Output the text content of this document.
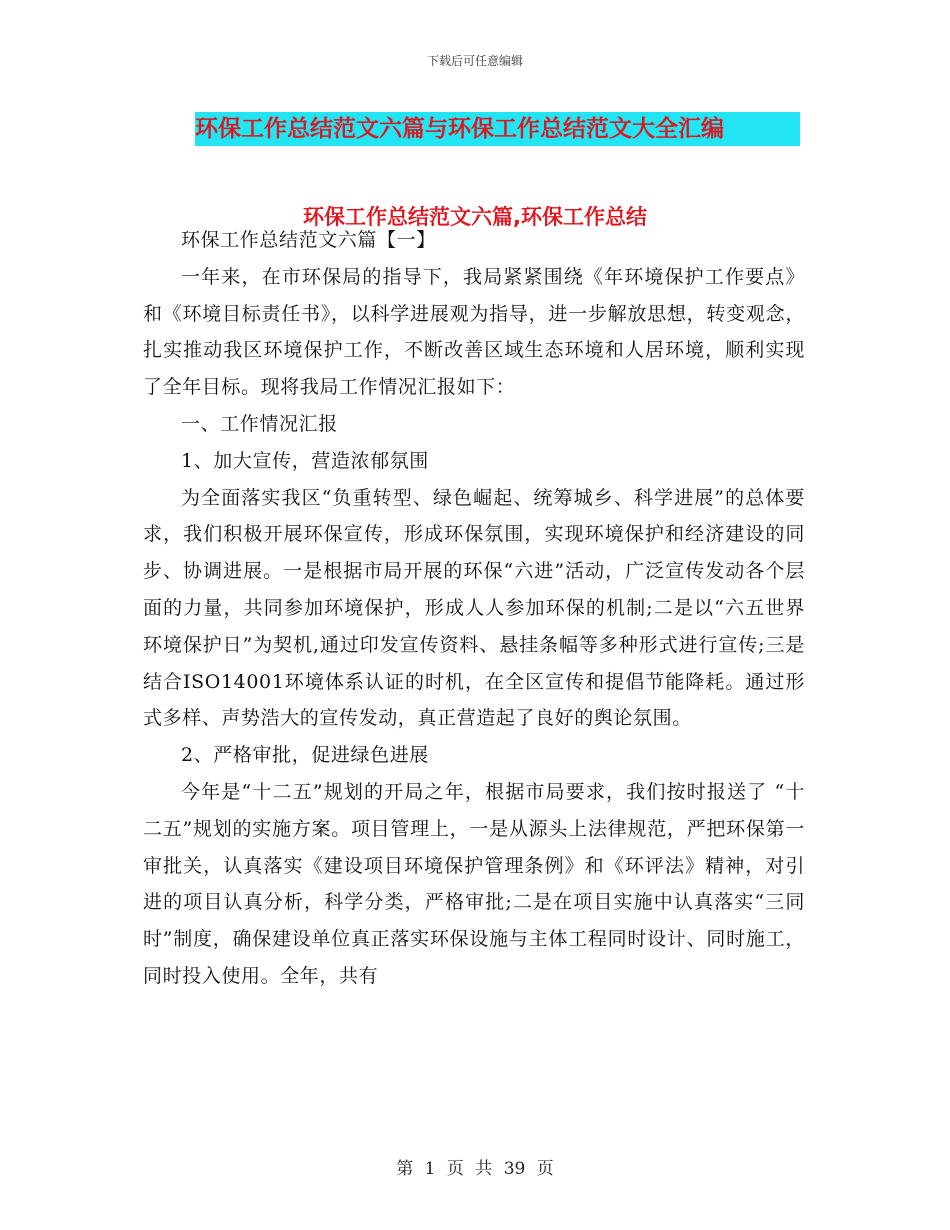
下载后可任意编辑
环保工作总结范文六篇与环保工作总结范文大全汇编
环保工作总结范文六篇,环保工作总结

环保工作总结范文六篇【一】

一年来，在市环保局的指导下，我局紧紧围绕《年环境保护工作要点》和《环境目标责任书》，以科学进展观为指导，进一步解放思想，转变观念，扎实推动我区环境保护工作，不断改善区域生态环境和人居环境，顺利实现了全年目标。现将我局工作情况汇报如下：

一、工作情况汇报

1、加大宣传，营造浓郁氛围

为全面落实我区“负重转型、绿色崛起、统筹城乡、科学进展”的总体要求，我们积极开展环保宣传，形成环保氛围，实现环境保护和经济建设的同步、协调进展。一是根据市局开展的环保“六进”活动，广泛宣传发动各个层面的力量，共同参加环境保护，形成人人参加环保的机制;二是以“六五世界环境保护日”为契机,通过印发宣传资料、悬挂条幅等多种形式进行宣传;三是结合ISO14001环境体系认证的时机，在全区宣传和提倡节能降耗。通过形式多样、声势浩大的宣传发动，真正营造起了良好的舆论氛围。

2、严格审批，促进绿色进展

今年是“十二五”规划的开局之年，根据市局要求，我们按时报送了 “十二五”规划的实施方案。项目管理上，一是从源头上法律规范，严把环保第一审批关，认真落实《建设项目环境保护管理条例》和《环评法》精神，对引进的项目认真分析，科学分类，严格审批;二是在项目实施中认真落实“三同时”制度，确保建设单位真正落实环保设施与主体工程同时设计、同时施工，同时投入使用。全年，共有

第 1 页 共 39 页
